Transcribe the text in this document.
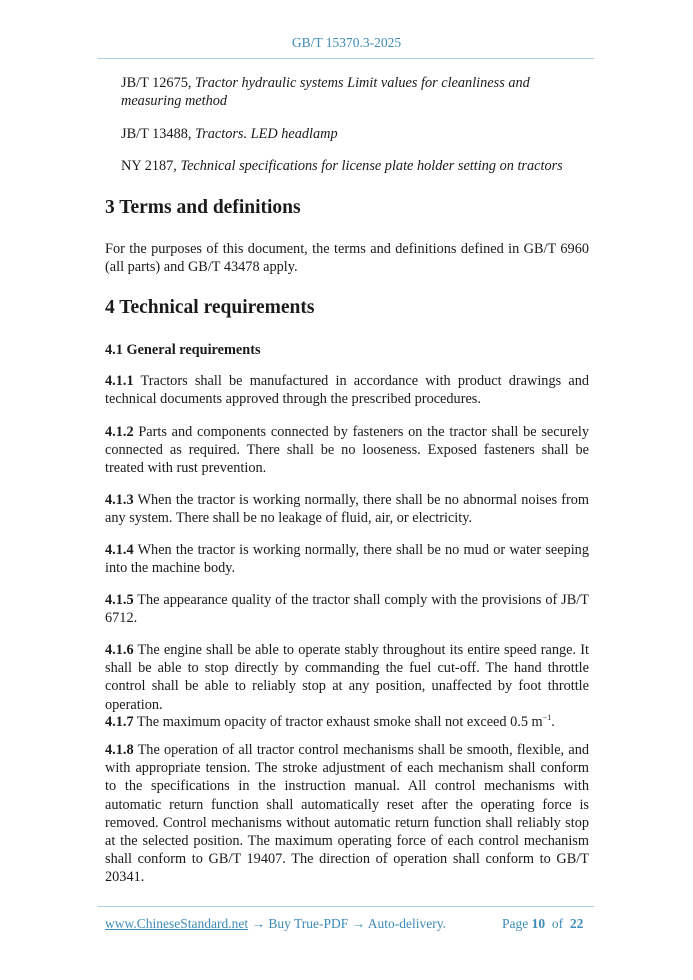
GB/T 15370.3-2025
JB/T 12675, Tractor hydraulic systems Limit values for cleanliness and measuring method
JB/T 13488, Tractors. LED headlamp
NY 2187, Technical specifications for license plate holder setting on tractors
3 Terms and definitions
For the purposes of this document, the terms and definitions defined in GB/T 6960 (all parts) and GB/T 43478 apply.
4 Technical requirements
4.1 General requirements
4.1.1 Tractors shall be manufactured in accordance with product drawings and technical documents approved through the prescribed procedures.
4.1.2 Parts and components connected by fasteners on the tractor shall be securely connected as required. There shall be no looseness. Exposed fasteners shall be treated with rust prevention.
4.1.3 When the tractor is working normally, there shall be no abnormal noises from any system. There shall be no leakage of fluid, air, or electricity.
4.1.4 When the tractor is working normally, there shall be no mud or water seeping into the machine body.
4.1.5 The appearance quality of the tractor shall comply with the provisions of JB/T 6712.
4.1.6 The engine shall be able to operate stably throughout its entire speed range. It shall be able to stop directly by commanding the fuel cut-off. The hand throttle control shall be able to reliably stop at any position, unaffected by foot throttle operation.
4.1.7 The maximum opacity of tractor exhaust smoke shall not exceed 0.5 $m^{-1}$.
4.1.8 The operation of all tractor control mechanisms shall be smooth, flexible, and with appropriate tension. The stroke adjustment of each mechanism shall conform to the specifications in the instruction manual. All control mechanisms with automatic return function shall automatically reset after the operating force is removed. Control mechanisms without automatic return function shall reliably stop at the selected position. The maximum operating force of each control mechanism shall conform to GB/T 19407. The direction of operation shall conform to GB/T 20341.
www.ChineseStandard.net → Buy True-PDF → Auto-delivery.	Page 10 of 22
